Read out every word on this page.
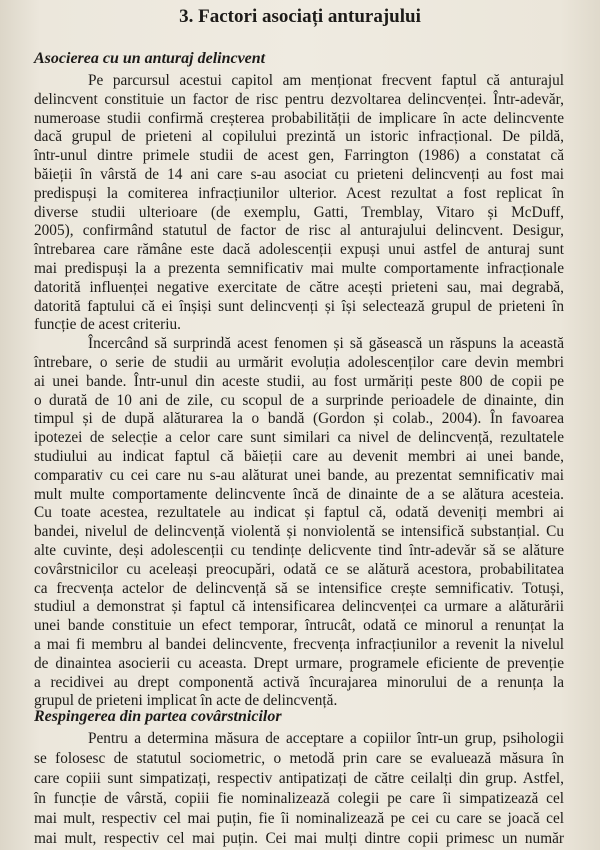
3. Factori asociați anturajului
Asocierea cu un anturaj delincvent
Pe parcursul acestui capitol am menționat frecvent faptul că anturajul
delincvent constituie un factor de risc pentru dezvoltarea delincvenței. Într-adevăr,
numeroase studii confirmă creșterea probabilității de implicare în acte delincvente
dacă grupul de prieteni al copilului prezintă un istoric infracțional. De pildă,
într-unul dintre primele studii de acest gen, Farrington (1986) a constatat că
băieții în vârstă de 14 ani care s-au asociat cu prieteni delincvenți au fost mai
predispuși la comiterea infracțiunilor ulterior. Acest rezultat a fost replicat în
diverse studii ulterioare (de exemplu, Gatti, Tremblay, Vitaro și McDuff,
2005), confirmând statutul de factor de risc al anturajului delincvent. Desigur,
întrebarea care rămâne este dacă adolescenții expuși unui astfel de anturaj sunt
mai predispuși la a prezenta semnificativ mai multe comportamente infracționale
datorită influenței negative exercitate de către acești prieteni sau, mai degrabă,
datorită faptului că ei înșiși sunt delincvenți și își selectează grupul de prieteni în
funcție de acest criteriu.
Încercând să surprindă acest fenomen și să găsească un răspuns la această
întrebare, o serie de studii au urmărit evoluția adolescenților care devin membri
ai unei bande. Într-unul din aceste studii, au fost urmăriți peste 800 de copii pe
o durată de 10 ani de zile, cu scopul de a surprinde perioadele de dinainte, din
timpul și de după alăturarea la o bandă (Gordon și colab., 2004). În favoarea
ipotezei de selecție a celor care sunt similari ca nivel de delincvență, rezultatele
studiului au indicat faptul că băieții care au devenit membri ai unei bande,
comparativ cu cei care nu s-au alăturat unei bande, au prezentat semnificativ mai
mult multe comportamente delincvente încă de dinainte de a se alătura acesteia.
Cu toate acestea, rezultatele au indicat și faptul că, odată deveniți membri ai
bandei, nivelul de delincvență violentă și nonviolentă se intensifică substanțial. Cu
alte cuvinte, deși adolescenții cu tendințe delicvente tind într-adevăr să se alăture
covârstnicilor cu aceleași preocupări, odată ce se alătură acestora, probabilitatea
ca frecvența actelor de delincvență să se intensifice crește semnificativ. Totuși,
studiul a demonstrat și faptul că intensificarea delincvenței ca urmare a alăturării
unei bande constituie un efect temporar, întrucât, odată ce minorul a renunțat la
a mai fi membru al bandei delincvente, frecvența infracțiunilor a revenit la nivelul
de dinaintea asocierii cu aceasta. Drept urmare, programele eficiente de prevenție
a recidivei au drept componentă activă încurajarea minorului de a renunța la
grupul de prieteni implicat în acte de delincvență.
Respingerea din partea covârstnicilor
Pentru a determina măsura de acceptare a copiilor într-un grup, psihologii
se folosesc de statutul sociometric, o metodă prin care se evaluează măsura în
care copiii sunt simpatizați, respectiv antipatizați de către ceilalți din grup. Astfel,
în funcție de vârstă, copiii fie nominalizează colegii pe care îi simpatizează cel
mai mult, respectiv cel mai puțin, fie îi nominalizează pe cei cu care se joacă cel
mai mult, respectiv cel mai puțin. Cei mai mulți dintre copii primesc un număr
